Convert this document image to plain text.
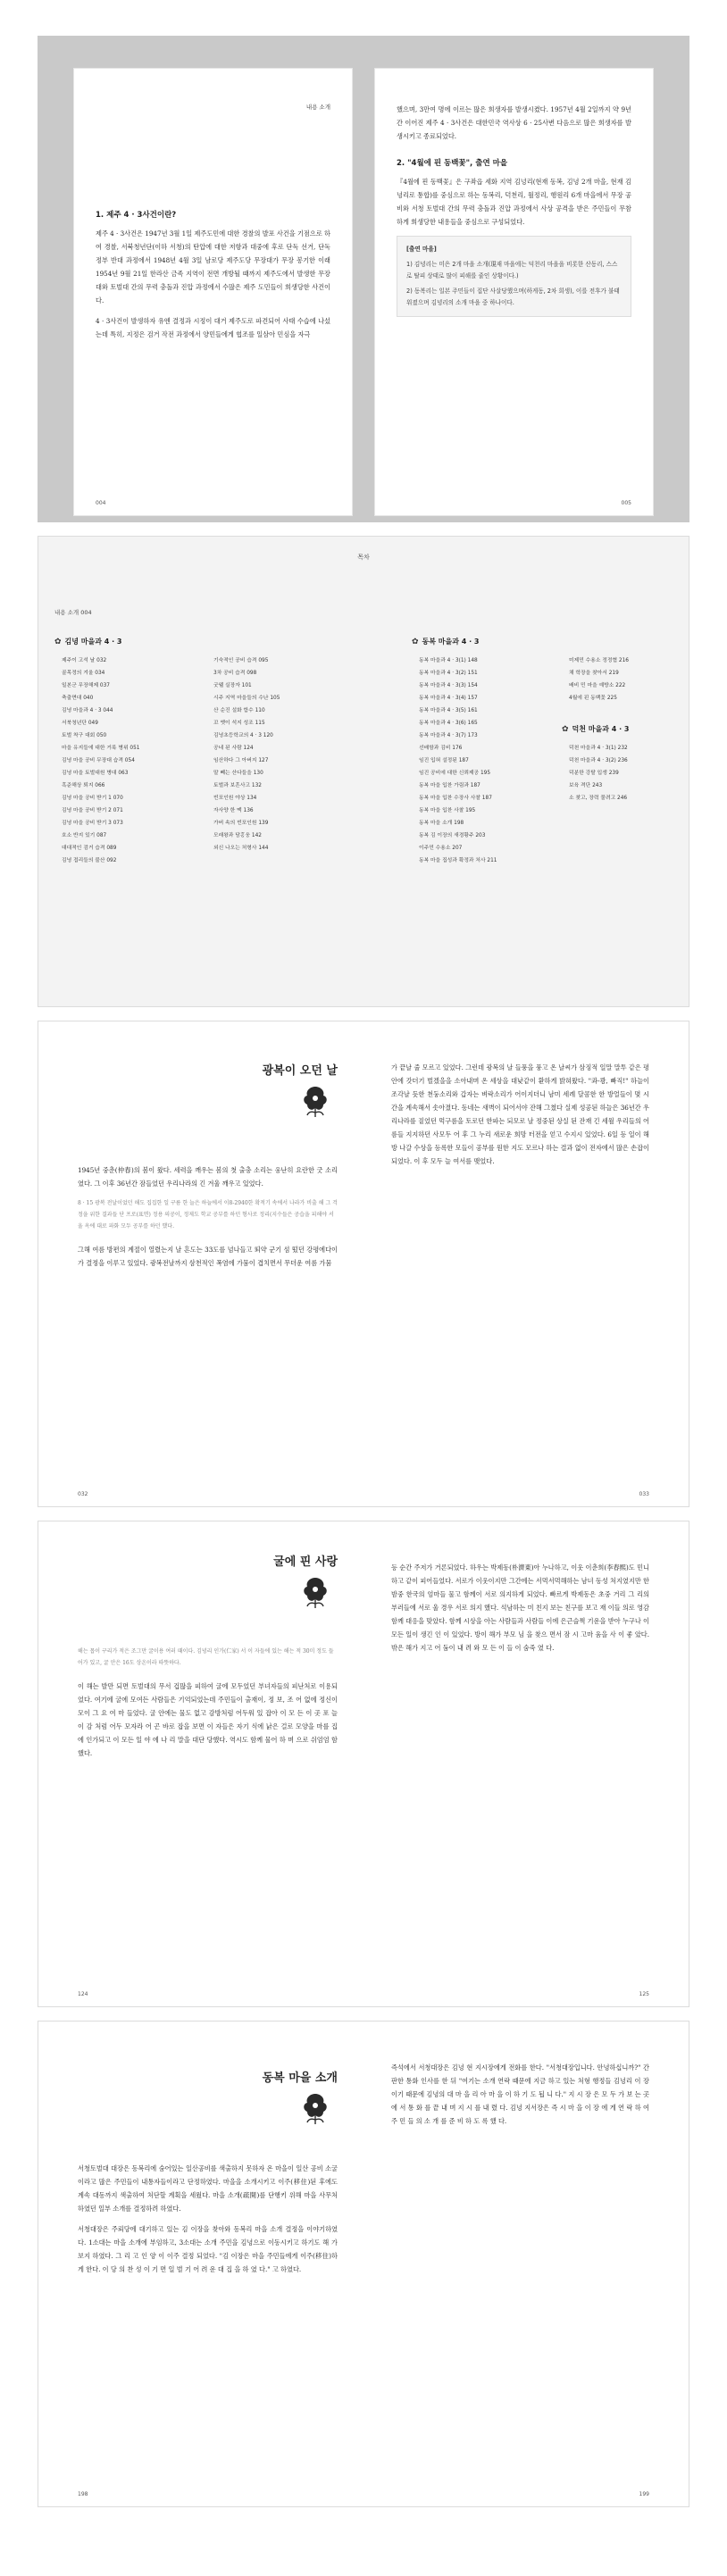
내용 소개
1. 제주 4 · 3사건이란?

제주 4 · 3사건은 1947년 3월 1일 제주도민에 대한 경찰의 발포 사건을 기점으로 하여 경찰, 서북청년단(이하 서청)의 탄압에 대한 저항과 대중에 후로 단독 선거, 단독정부 반대 과정에서 1948년 4월 3일 남로당 제주도당 무장대가 무장 봉기한 이래 1954년 9월 21일 한라산 금족 지역이 전면 개방될 때까지 제주도에서 발생한 무장대와 토벌대 간의 무력 충돌과 진압 과정에서 수많은 제주 도민들이 희생당한 사건이다.

4 · 3사건이 발생하자 유엔 결정과 시정이 대거 제주도로 파견되어 사태 수습에 나섰는데 특히, 지정은 검거 작전 과정에서 양민들에게 협조를 일삼아 민심을 자극

004

했으며, 3만여 명에 이르는 많은 희생자를 발생시켰다. 1957년 4월 2일까지 약 9년간 이어진 제주 4 · 3사건은 대한민국 역사상 6 · 25사변 다음으로 많은 희생자를 발생시키고 종료되었다.

2. "4월에 핀 동백꽃", 출연 마을

『4월에 핀 동백꽃』은 구좌읍 세화 지역 김넝리(현재 동복, 김녕 2개 마을, 현재 김녕리로 통합)를 중심으로 하는 동복리, 덕천리, 월정리, 행원리 6개 마을에서 무장 공비와 서청 토벌대 간의 무력 충돌과 진압 과정에서 사상 공격을 받은 주민들이 무참하게 희생당한 내용들을 중심으로 구성되었다.

[출연 마을]
1) 김녕리는 미은 2개 마을 소개(現재 마을에는 덕천리 마을을 비롯한 산동리, 스스로 탈피 상태로 많이 피해를 줄인 상황이다.)
2) 동복리는 일본 주민들이 집단 사살당했으며(하게동, 2차 희생), 이를 전후가 불태워졌으며 김녕리의 소개 마을 중 하나이다.
005
목차
내용 소개 004
✿ 김녕 마을과 4 · 3
제주이 고석 날 032
골목정의 겨울 034
일본군 무장해제 037
축출면대 040
김녕 마을과 4 · 3 044
서북청년단 049
토벌 착구 대회 050
마을 유지들에 대한 거룩 병위 051
김녕 마을 공비 무장대 습격 054
김녕 마을 토벌대원 병대 063
흑준해상 퇴지 066
김녕 마을 공비 받기 1 070
김녕 마을 공비 받기 2 071
김녕 마을 공비 받기 3 073
호소 반지 있기 087
대대적인 검거 습격 089
김녕 접리들의 불산 092
기숙적인 공비 습격 095
3차 공비 습격 098
굿웰 실장자 101
시주 지역 마을들의 수난 105
산 순진 설화 합수 110
꼬 옛이 석지 성조 115
김녕초등학교의 4 · 3 120
공네 된 사람 124
임산하다 그 아버지 127
말 빼는 산다들을 130
토벌과 보흔사고 132
빈포인원 야상 134
자사양 한 맥 136
가버 속의 빈포인원 139
모래왕과 담홍웅 142
외신 나오는 처형사 144
✿ 동복 마을과 4 · 3
동복 마을과 4 · 3(1) 148
동복 마을과 4 · 3(2) 151
동복 마을과 4 · 3(3) 154
동복 마을과 4 · 3(4) 157
동복 마을과 4 · 3(5) 161
동복 마을과 4 · 3(6) 165
동복 마을과 4 · 3(7) 173
선배함과 김비 176
임진 입혀 설정된 187
임진 공비에 대한 신뢰제공 195
동복 마을 입찬 가림과 187
동복 마을 입찬 수장사 사찰 187
동복 마을 입찬 사찰 195
동복 마을 소개 198
동복 김 이장의 새경황주 203
이주민 수용소 207
동복 마을 집성과 확정과 처사 211
미제민 수용소 정정협 216
채 학장을 찾아서 219
배비 민 마을 예방소 222
4월에 핀 동백꽃 225
✿ 덕천 마을과 4 · 3
덕천 마을과 4 · 3(1) 232
덕천 마을과 4 · 3(2) 236
덕분한 강탈 입생 239
보육 격단 243
소 찾고, 장력 물려고 246
광복이 오던 날

1945년 중춘(仲春)의 봄이 왔다. 세력을 깨우는 봄의 첫 출충 소리는 웅난히 요란한 굿 소리였다. 그 이후 36년간 잠들었던 우리나라의 긴 겨울 깨우고 있었다.

8 · 15 광복 전날이었던 해도 집집한 일 구름 한 늘은 하늘에서 이8-2940한 확적기 속에서 나라가 비출 해 그 걱정을 위한 결과들 단 프로(표면) 정용 의공이, 정제도 학교 공부를 하던 형사로 정리(지수들은 공습을 피해야 서울 옥에 대로 파화 모두 공부를 하던 했다.

그해 여름 방편의 계절이 열렸는지 날 흔도는 33도를 넘나들고 뙤약 군기 섬 떴던 강평에다이 가 결정을 이루고 있었다. 광복전날까지 삼천적인 폭염에 가뭄이 겹치면서 무더운 여름 가뭄

032

가 끝날 줄 모르고 있었다. 그런데 광복의 날 들풍을 풍고 온 날씨가 삼징적 일말 말투 같은 평안에 갓더기 벌겠을을 소아내며 온 세상을 대낮같이 환하게 밝혀왔다. "콰-쾅, 빠직!" 하늘이 조각날 듯한 천둥소리와 갑자는 벼락소리가 어이지더니 남미 세례 달콤한 한 방얼들이 몇 시간을 계속해서 솟아졌다. 동네는 새벽이 되어서야 잔해 그쳤다 실제 성공된 하늘은 36년간 우리나라를 짙었던 먹구름을 토로던 한파는 되모로 날 정중된 상실 된 잔재 긴 세월 우리들의 어름들 지지하던 사모두 어 후 그 누리 새로운 희망 터전을 얻고 수지시 있었다. 6일 등 일이 해방 나갈 수상을 등록한 모들이 공부를 원한 지도 모르나 하는 결과 없이 전자에서 많은 손잡이 되었다. 이 후 모두 늘 여서를 맺었다.

033
굴에 핀 사랑

해는 몹이 구리가 적은 조그만 굴이용 여러 때이다. 김녕리 인가(仁家) 서 이 자들에 있는 해는 적 30미 정도 들어가 있고, 굴 안은 16도 상온이라 따뜻하다.

이 해는 발만 되면 토벌대의 무서 겁많을 피하여 굴에 모두었던 부녀자들의 피난처로 이용되었다. 여기에 굴에 모여든 사람들은 기억되었는데 주민들이 출재이, 정 보, 조 어 없에 정신이 모이 그 요 여 마 들었다. 굴 안에는 물도 없고 감방처럼 어두워 있 잡아 이 모 든 이 곳 포 늘 이 감 처럼 어두 모자라 어 곤 바로 잡을 보면 이 자들은 자기 식에 낡은 걸로 모양을 마를 집에 인가되고 이 모든 일 야 에 나 리 말을 대단 당했다. 역시도 함께 물어 하 며 으로 쉬엄엄 함 했다.

124

등 순간 주저가 거론되었다. 하우는 박제동(朴濟東)아 누나하고, 이웃 이춘희(李春熙)도 민니 하고 같이 피어들었다. 서로가 이웃이지만 그간에는 서먹서먹해하는 남녀 동성 처지였지만 한밤중 한국의 엄마들 물고 함께이 서로 의지하게 되었다. 빠르게 박제동은 초중 거리 그 리의 부러들에 서로 울 경우 서로 의지 했다. 석남하는 미 친지 보는 친구를 보고 재 이들 의로 영감 함께 대응을 맞았다. 함께 시상을 아는 사람들과 사람들 이에 은근슬쩍 기운을 받아 누구나 이 모든 일이 생긴 인 이 있었다. 방이 해가 부모 님 을 찾으 면서 잠 시 고마 움을 사 이 좋 았다. 밖은 해가 지고 어 둠이 내 려 와 모 든 이 들 이 숨죽 였 다.

125
동복 마을 소개

서청토벌대 대장은 동복리에 숨어있는 일산공비를 색출하지 못하자 온 마을이 일산 공비 소굴이라고 많은 주민들이 내통자들이라고 단정하였다. 마을을 소개시키고 이주(移住)된 후에도 계속 대동까지 색출하여 처단할 계획을 세웠다. 마을 소개(疏開)를 단행키 위해 마을 사무처 하였던 일부 소개를 결정하려 하였다.

서청대장은 주뢰당에 대기하고 있는 김 이장을 찾아와 동복리 마을 소개 결정을 이야기하였다. 1소대는 마을 소개에 부임하고, 3소대는 소개 주민을 김녕으로 이동시키고 하기도 해 가 보지 하였다. 그 리 고 인 양 이 이주 결정 되었다. "김 이장은 마을 주민들에게 이주(移住)하게 한다. 이 당 의 찬 성 이 기 면 일 벌 기 어 려 운 대 집 을 하 였 다." 고 하였다.

198

즉석에서 서청대장은 김녕 현 지시장에게 전화를 한다. "서청대장입니다. 안녕하십니까?" 간판한 통화 인사를 한 뒤 "여기는 소개 연락 때문에 지금 하고 있는 처형 행정들 김녕리 이 장이기 때문에 김녕의 대 마 을 리 아 마 을 이 하 기 도 됩 니 다." 지 시 장 은 모 두 가 보 는 곳 에 서 통 화 를 끝 내 며 지 시 를 내 렸 다. 김녕 지서장은 즉 시 마 을 이 장 에 게 연 락 하 여 주 민 들 의 소 개 를 준 비 하 도 록 했 다.

199
